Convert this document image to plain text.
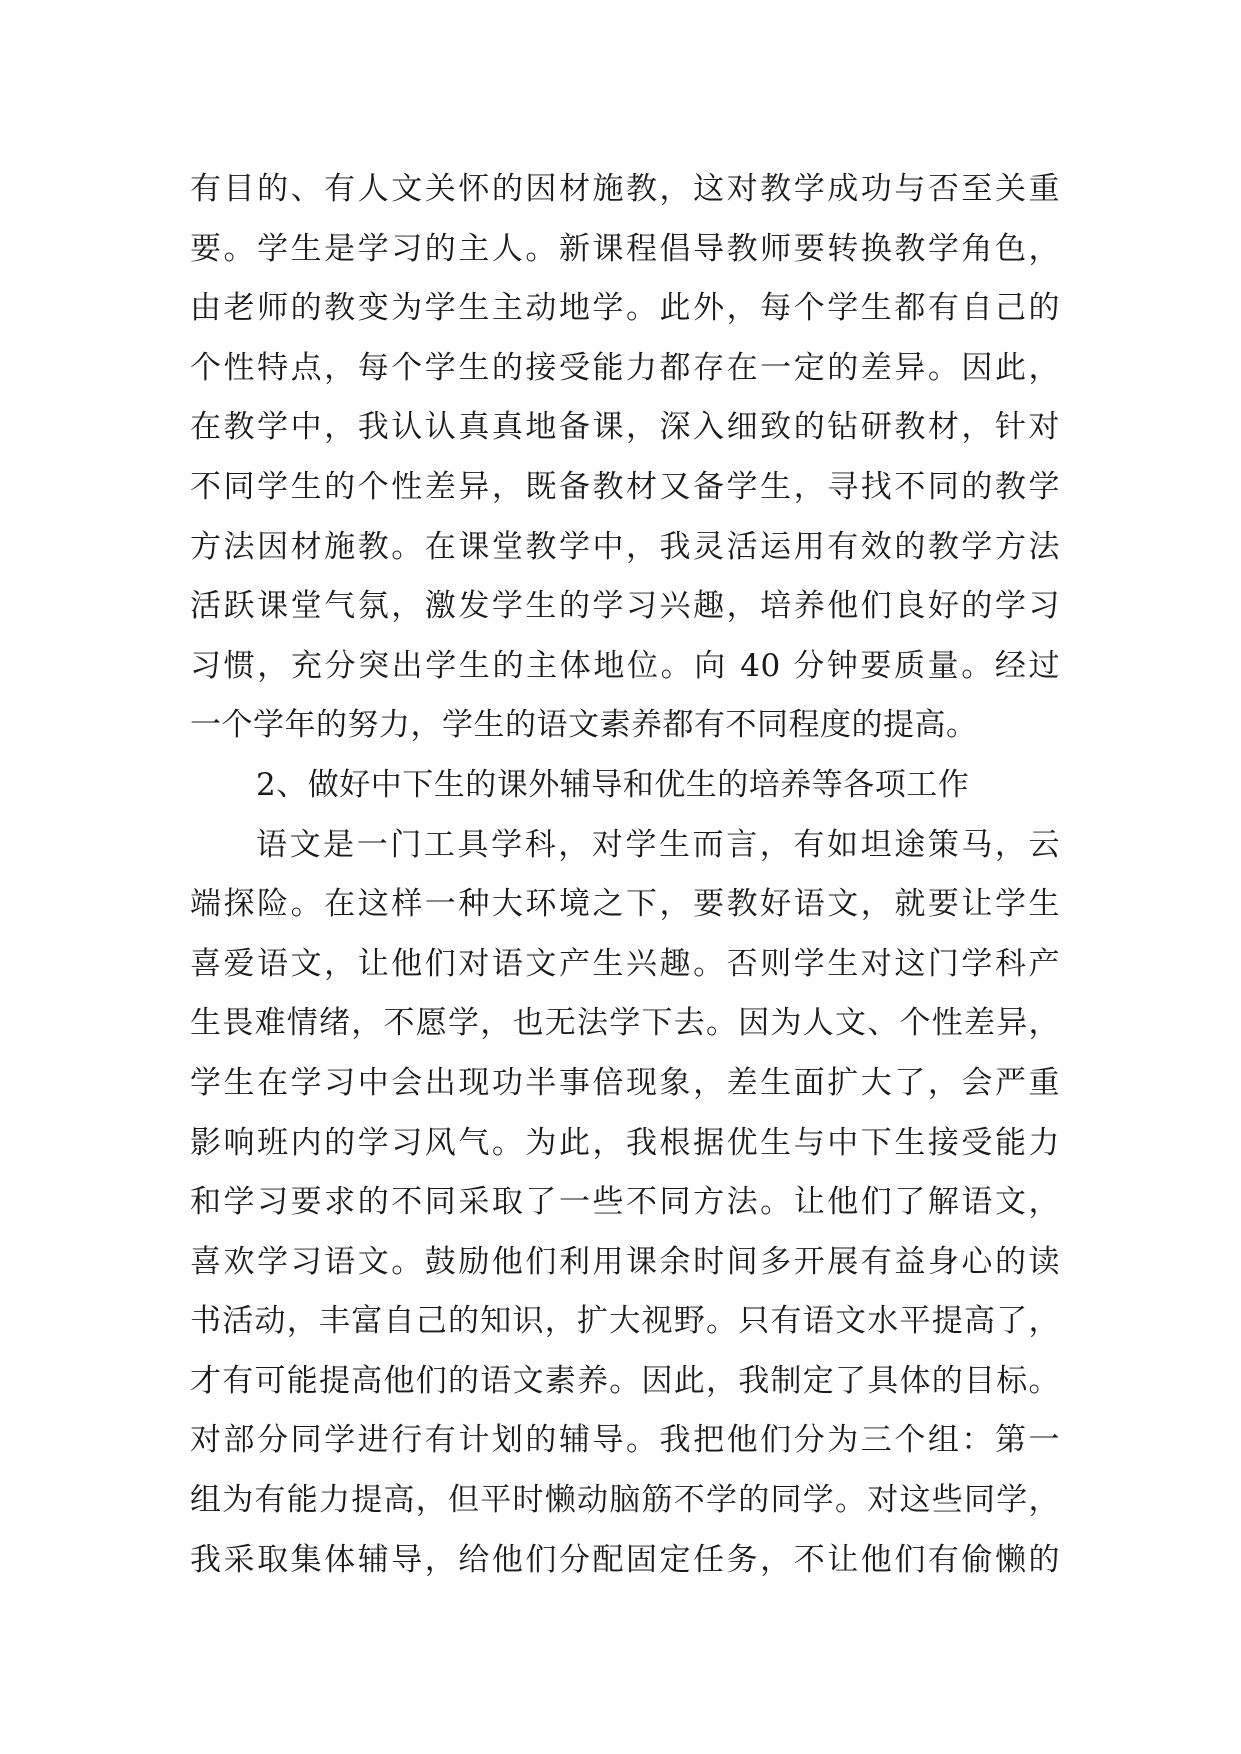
有目的、有人文关怀的因材施教，这对教学成功与否至关重
要。学生是学习的主人。新课程倡导教师要转换教学角色，
由老师的教变为学生主动地学。此外，每个学生都有自己的
个性特点，每个学生的接受能力都存在一定的差异。因此，
在教学中，我认认真真地备课，深入细致的钻研教材，针对
不同学生的个性差异，既备教材又备学生，寻找不同的教学
方法因材施教。在课堂教学中，我灵活运用有效的教学方法
活跃课堂气氛，激发学生的学习兴趣，培养他们良好的学习
习惯，充分突出学生的主体地位。向 40 分钟要质量。经过
一个学年的努力，学生的语文素养都有不同程度的提高。
2、做好中下生的课外辅导和优生的培养等各项工作
语文是一门工具学科，对学生而言，有如坦途策马，云
端探险。在这样一种大环境之下，要教好语文，就要让学生
喜爱语文，让他们对语文产生兴趣。否则学生对这门学科产
生畏难情绪，不愿学，也无法学下去。因为人文、个性差异，
学生在学习中会出现功半事倍现象，差生面扩大了，会严重
影响班内的学习风气。为此，我根据优生与中下生接受能力
和学习要求的不同采取了一些不同方法。让他们了解语文，
喜欢学习语文。鼓励他们利用课余时间多开展有益身心的读
书活动，丰富自己的知识，扩大视野。只有语文水平提高了，
才有可能提高他们的语文素养。因此，我制定了具体的目标。
对部分同学进行有计划的辅导。我把他们分为三个组：第一
组为有能力提高，但平时懒动脑筋不学的同学。对这些同学，
我采取集体辅导，给他们分配固定任务，不让他们有偷懒的
